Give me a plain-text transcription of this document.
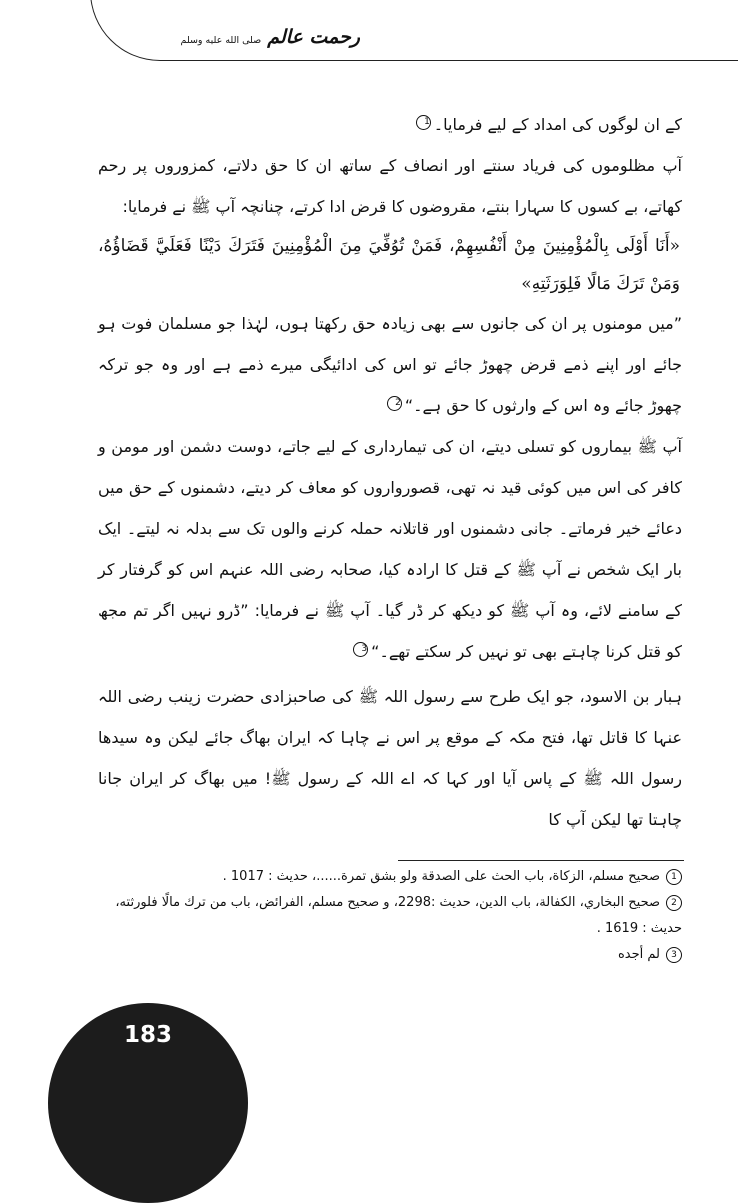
رحمت عالم
صلى الله عليه وسلم

کے ان لوگوں کی امداد کے لیے فرمایا۔1

آپ مظلوموں کی فریاد سنتے اور انصاف کے ساتھ ان کا حق دلاتے، کمزوروں پر رحم کھاتے، بے کسوں کا سہارا بنتے، مقروضوں کا قرض ادا کرتے، چنانچہ آپ ﷺ نے فرمایا:

«أَنَا أَوْلَى بِالْمُؤْمِنِينَ مِنْ أَنْفُسِهِمْ، فَمَنْ تُوُفِّيَ مِنَ الْمُؤْمِنِينَ فَتَرَكَ دَيْنًا فَعَلَيَّ قَضَاؤُهُ، وَمَنْ تَرَكَ مَالًا فَلِوَرَثَتِهِ»

”میں مومنوں پر ان کی جانوں سے بھی زیادہ حق رکھتا ہوں، لہٰذا جو مسلمان فوت ہو جائے اور اپنے ذمے قرض چھوڑ جائے تو اس کی ادائیگی میرے ذمے ہے اور وہ جو ترکہ چھوڑ جائے وہ اس کے وارثوں کا حق ہے۔“2

آپ ﷺ بیماروں کو تسلی دیتے، ان کی تیمارداری کے لیے جاتے، دوست دشمن اور مومن و کافر کی اس میں کوئی قید نہ تھی، قصورواروں کو معاف کر دیتے، دشمنوں کے حق میں دعائے خیر فرماتے۔ جانی دشمنوں اور قاتلانہ حملہ کرنے والوں تک سے بدلہ نہ لیتے۔ ایک بار ایک شخص نے آپ ﷺ کے قتل کا ارادہ کیا، صحابہ رضی اللہ عنہم اس کو گرفتار کر کے سامنے لائے، وہ آپ ﷺ کو دیکھ کر ڈر گیا۔ آپ ﷺ نے فرمایا: ”ڈرو نہیں اگر تم مجھ کو قتل کرنا چاہتے بھی تو نہیں کر سکتے تھے۔“3

ہبار بن الاسود، جو ایک طرح سے رسول اللہ ﷺ کی صاحبزادی حضرت زینب رضی اللہ عنہا کا قاتل تھا، فتح مکہ کے موقع پر اس نے چاہا کہ ایران بھاگ جائے لیکن وہ سیدھا رسول اللہ ﷺ کے پاس آیا اور کہا کہ اے اللہ کے رسول ﷺ! میں بھاگ کر ایران جانا چاہتا تھا لیکن آپ کا

1صحيح مسلم، الزكاة، باب الحث على الصدقة ولو بشق تمرة......، حديث : 1017 .

2صحيح البخاري، الكفالة، باب الدين، حديث :2298، و صحيح مسلم، الفرائض، باب من ترك مالًا فلورثته، حديث : 1619 .

3لم أجده

183
